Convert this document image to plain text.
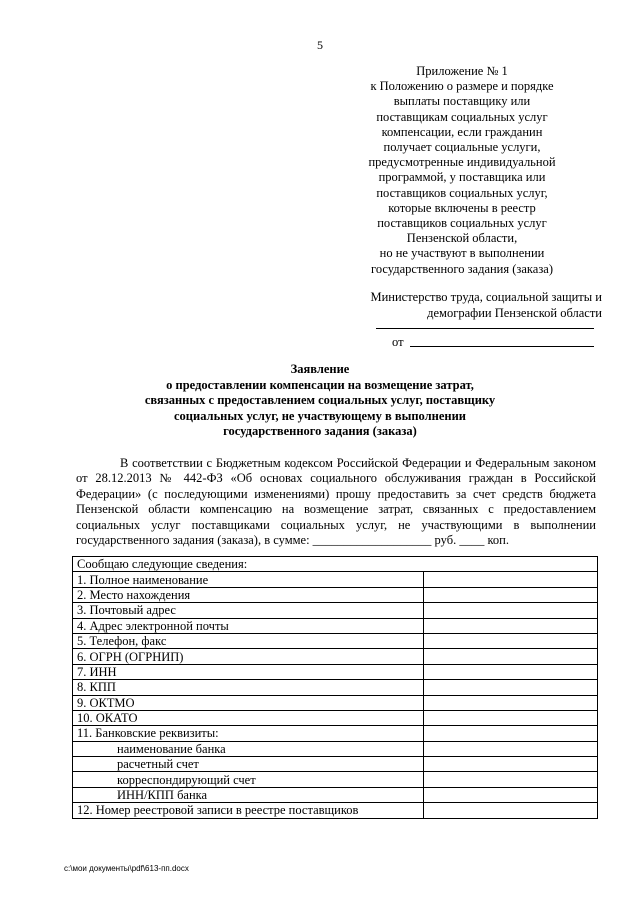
5
Приложение № 1
к Положению о размере и порядке
выплаты поставщику или
поставщикам социальных услуг
компенсации, если гражданин
получает социальные услуги,
предусмотренные индивидуальной
программой, у поставщика или
поставщиков социальных услуг,
которые включены в реестр
поставщиков социальных услуг
Пензенской области,
но не участвуют в выполнении
государственного задания (заказа)
Министерство труда, социальной защиты и
демографии Пензенской области
от
Заявление
о предоставлении компенсации на возмещение затрат,
связанных с предоставлением социальных услуг, поставщику
социальных услуг, не участвующему в выполнении
государственного задания (заказа)
В соответствии с Бюджетным кодексом Российской Федерации и Федеральным законом от 28.12.2013 № 442-ФЗ «Об основах социального обслуживания граждан в Российской Федерации» (с последующими изменениями) прошу предоставить за счет средств бюджета Пензенской области компенсацию на возмещение затрат, связанных с предоставлением социальных услуг поставщиками социальных услуг, не участвующими в выполнении государственного задания (заказа), в сумме: ___________________ руб. ____ коп.
Сообщаю следующие сведения:	
1. Полное наименование	
2. Место нахождения	
3. Почтовый адрес	
4. Адрес электронной почты	
5. Телефон, факс	
6. ОГРН (ОГРНИП)	
7. ИНН	
8. КПП	
9. ОКТМО	
10. ОКАТО	
11. Банковские реквизиты:	
наименование банка	
расчетный счет	
корреспондирующий счет	
ИНН/КПП банка	
12. Номер реестровой записи в реестре поставщиков	
c:\мои документы\pdf\613-пп.docx
